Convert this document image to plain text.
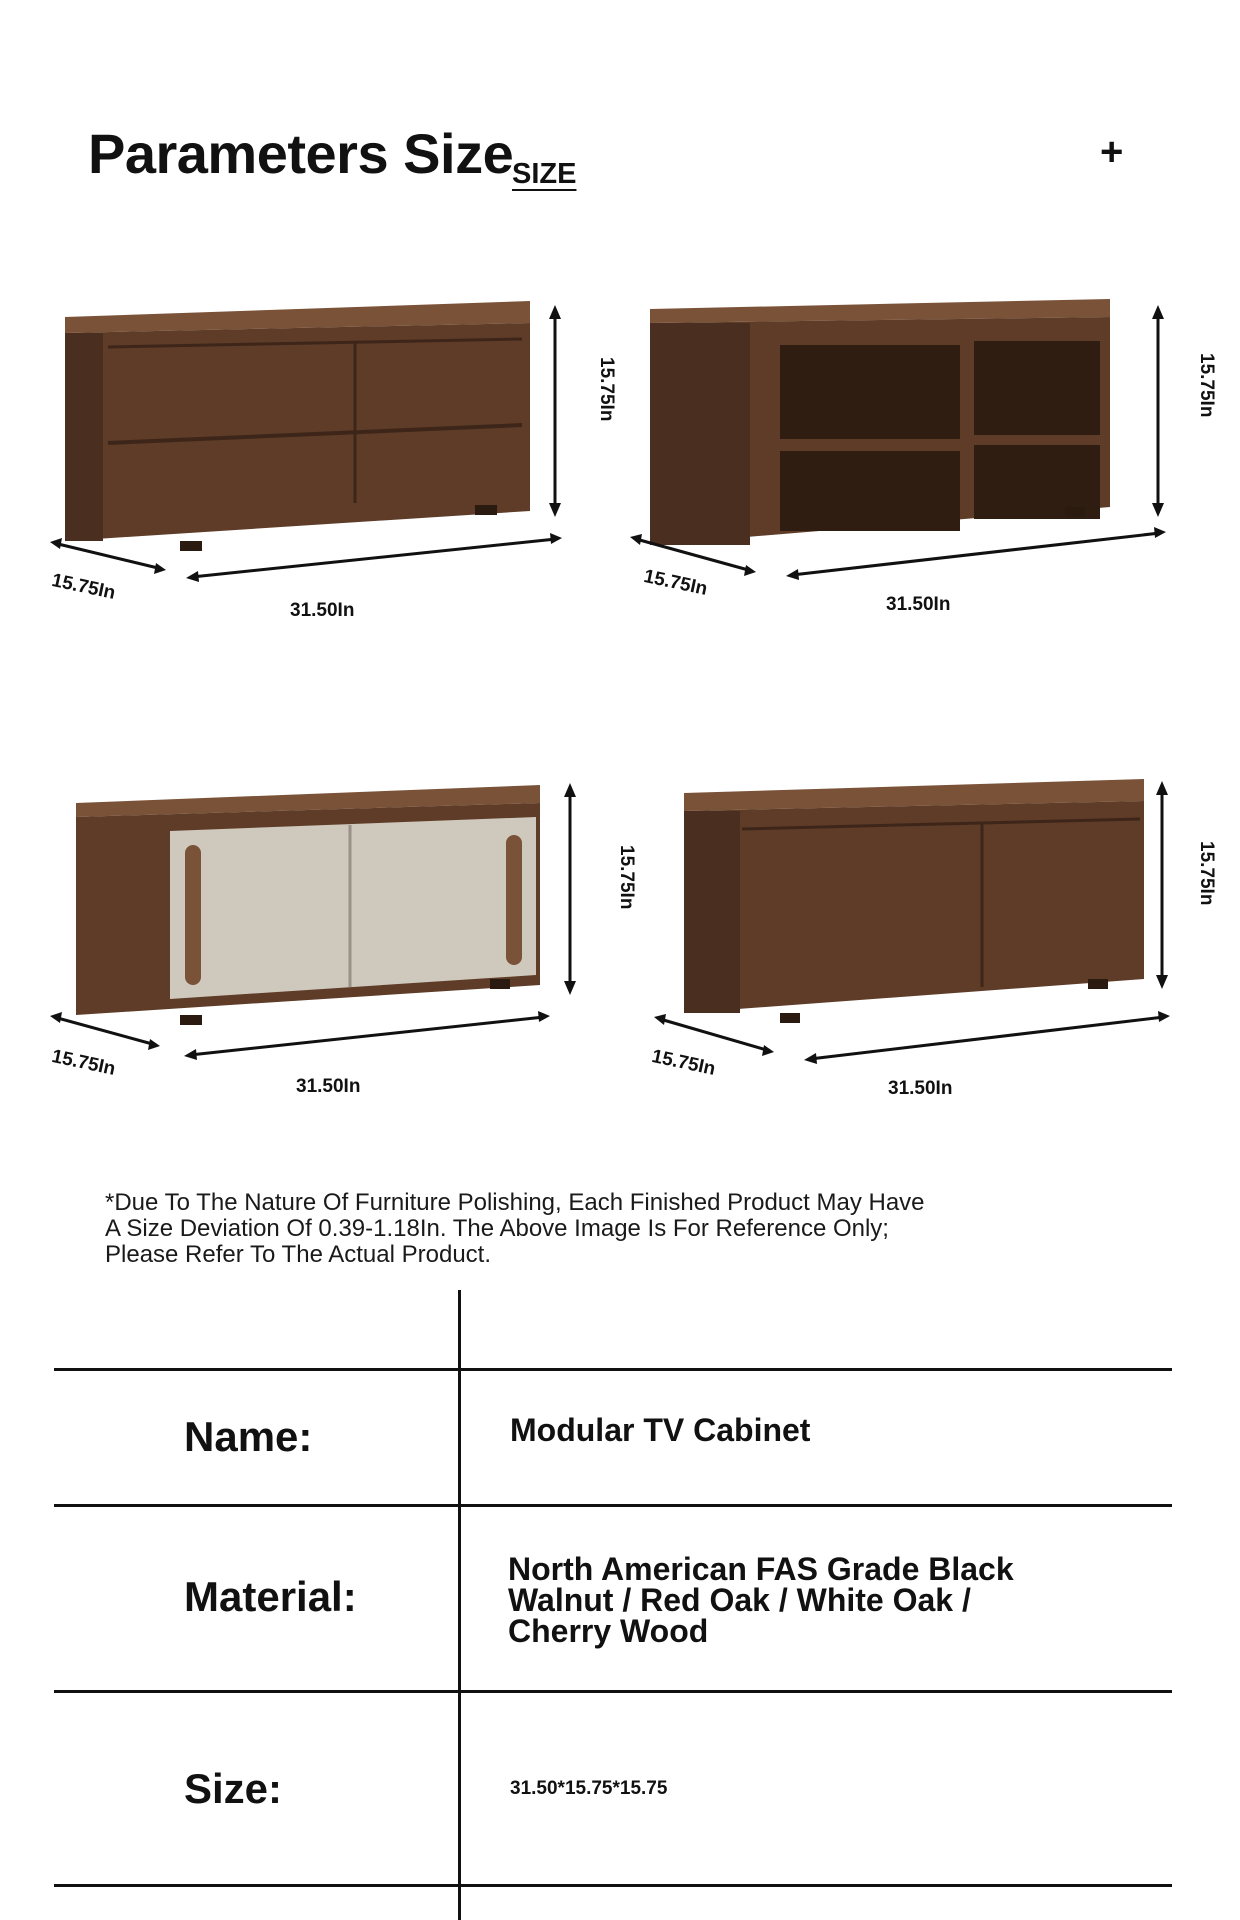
Parameters Size
SIZE	+
15.75In
31.50In
15.75In
15.75In
31.50In
15.75In
15.75In
31.50In
15.75In
15.75In
31.50In
15.75In

*Due To The Nature Of Furniture Polishing, Each Finished Product May Have A Size Deviation Of 0.39-1.18In. The Above Image Is For Reference Only; Please Refer To The Actual Product.

Name:	Modular TV Cabinet
Material:
North American FAS Grade Black Walnut / Red Oak / White Oak / Cherry Wood
Size:	31.50*15.75*15.75
